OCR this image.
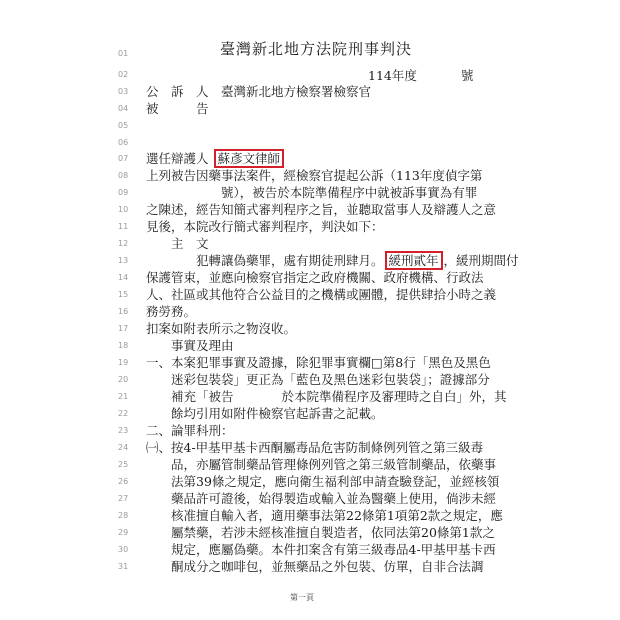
臺灣新北地方法院刑事判決
114年度	號
01
02
03
04
05
06
07
08
09
10
11
12
13
14
15
16
17
18
19
20
21
22
23
24
25
26
27
28
29
30
31
公　訴　人　 臺灣新北地方檢察署檢察官
被　　　告

選任辯護人 蘇彥文律師
上列被告因藥事法案件，經檢察官提起公訴（113年度偵字第
號），被告於本院準備程序中就被訴事實為有罪
之陳述，經告知簡式審判程序之旨，並聽取當事人及辯護人之意
見後，本院改行簡式審判程序，判決如下：
主　文
犯轉讓偽藥罪，處有期徒刑肆月。 緩刑貳年 ，緩刑期間付
保護管束，並應向檢察官指定之政府機關、政府機構、行政法
人、社區或其他符合公益目的之機構或團體，提供肆拾小時之義
務勞務。
扣案如附表所示之物沒收。
事實及理由
一、本案犯罪事實及證據，除犯罪事實欄□第8行「黑色及黑色
迷彩包裝袋」更正為「藍色及黑色迷彩包裝袋」；證據部分
補充「被告	於本院準備程序及審理時之自白」外，其
餘均引用如附件檢察官起訴書之記載。
二、論罪科刑：
㈠、按4-甲基甲基卡西酮屬毒品危害防制條例列管之第三級毒
品，亦屬管制藥品管理條例列管之第三級管制藥品，依藥事
法第39條之規定，應向衛生福利部申請查驗登記，並經核領
藥品許可證後，始得製造或輸入並為醫藥上使用，倘涉未經
核准擅自輸入者，適用藥事法第22條第1項第2款之規定，應
屬禁藥，若涉未經核准擅自製造者，依同法第20條第1款之
規定，應屬偽藥。本件扣案含有第三級毒品4-甲基甲基卡西
酮成分之咖啡包，並無藥品之外包裝、仿單，自非合法調
第一頁
